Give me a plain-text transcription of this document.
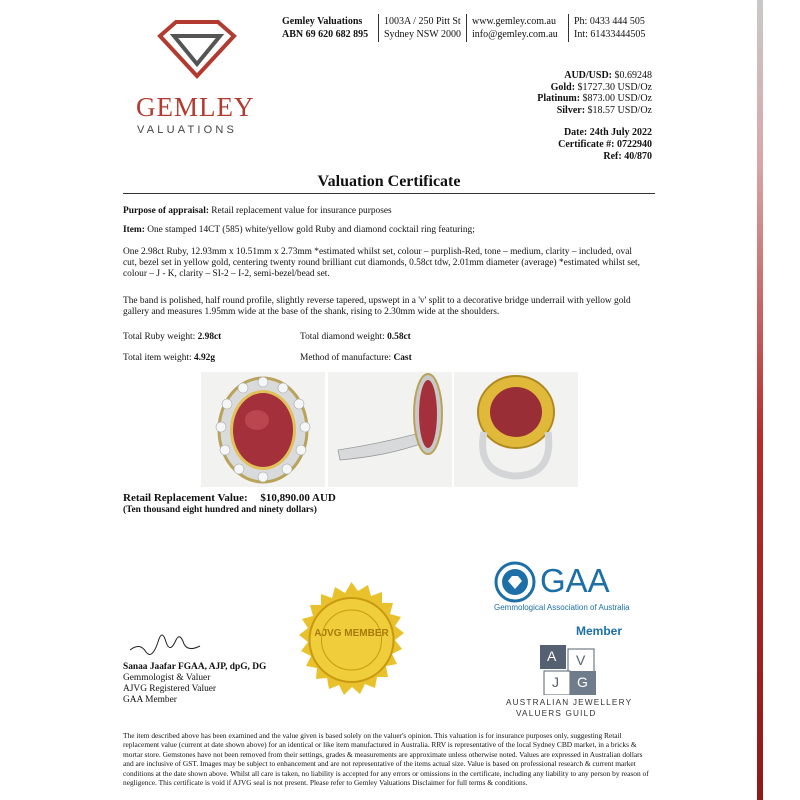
GEMLEY
VALUATIONS
Gemley Valuations
ABN 69 620 682 895
1003A / 250 Pitt St
Sydney NSW 2000
www.gemley.com.au
info@gemley.com.au
Ph: 0433 444 505
Int: 61433444505
AUD/USD: $0.69248
Gold: $1727.30 USD/Oz
Platinum: $873.00 USD/Oz
Silver: $18.57 USD/Oz
Date: 24th July 2022
Certificate #: 0722940
Ref: 40/870
Valuation Certificate
Purpose of appraisal: Retail replacement value for insurance purposes
Item: One stamped 14CT (585) white/yellow gold Ruby and diamond cocktail ring featuring;
One 2.98ct Ruby, 12.93mm x 10.51mm x 2.73mm *estimated whilst set, colour – purplish-Red, tone – medium, clarity – included, oval cut, bezel set in yellow gold, centering twenty round brilliant cut diamonds, 0.58ct tdw, 2.01mm diameter (average) *estimated whilst set, colour – J - K, clarity – SI-2 – I-2, semi-bezel/bead set.
The band is polished, half round profile, slightly reverse tapered, upswept in a 'v' split to a decorative bridge underrail with yellow gold gallery and measures 1.95mm wide at the base of the shank, rising to 2.30mm wide at the shoulders.
Total Ruby weight: 2.98ct	Total diamond weight: 0.58ct
Total item weight: 4.92g	Method of manufacture: Cast
Retail Replacement Value: $10,890.00 AUD
(Ten thousand eight hundred and ninety dollars)
AJVG MEMBER
Sanaa Jaafar FGAA, AJP, dpG, DG
Gemmologist & Valuer
AJVG Registered Valuer
GAA Member
GAA
Gemmological Association of Australia
Member
A V
J G
AUSTRALIAN JEWELLERY
VALUERS GUILD
The item described above has been examined and the value given is based solely on the valuer's opinion. This valuation is for insurance purposes only, suggesting Retail replacement value (current at date shown above) for an identical or like item manufactured in Australia. RRV is representative of the local Sydney CBD market, in a bricks & mortar store. Gemstones have not been removed from their settings, grades & measurements are approximate unless otherwise noted. Values are expressed in Australian dollars and are inclusive of GST. Images may be subject to enhancement and are not representative of the items actual size. Value is based on professional research & current market conditions at the date shown above. Whilst all care is taken, no liability is accepted for any errors or omissions in the certificate, including any liability to any person by reason of negligence. This certificate is void if AJVG seal is not present. Please refer to Gemley Valuations Disclaimer for full terms & conditions.
